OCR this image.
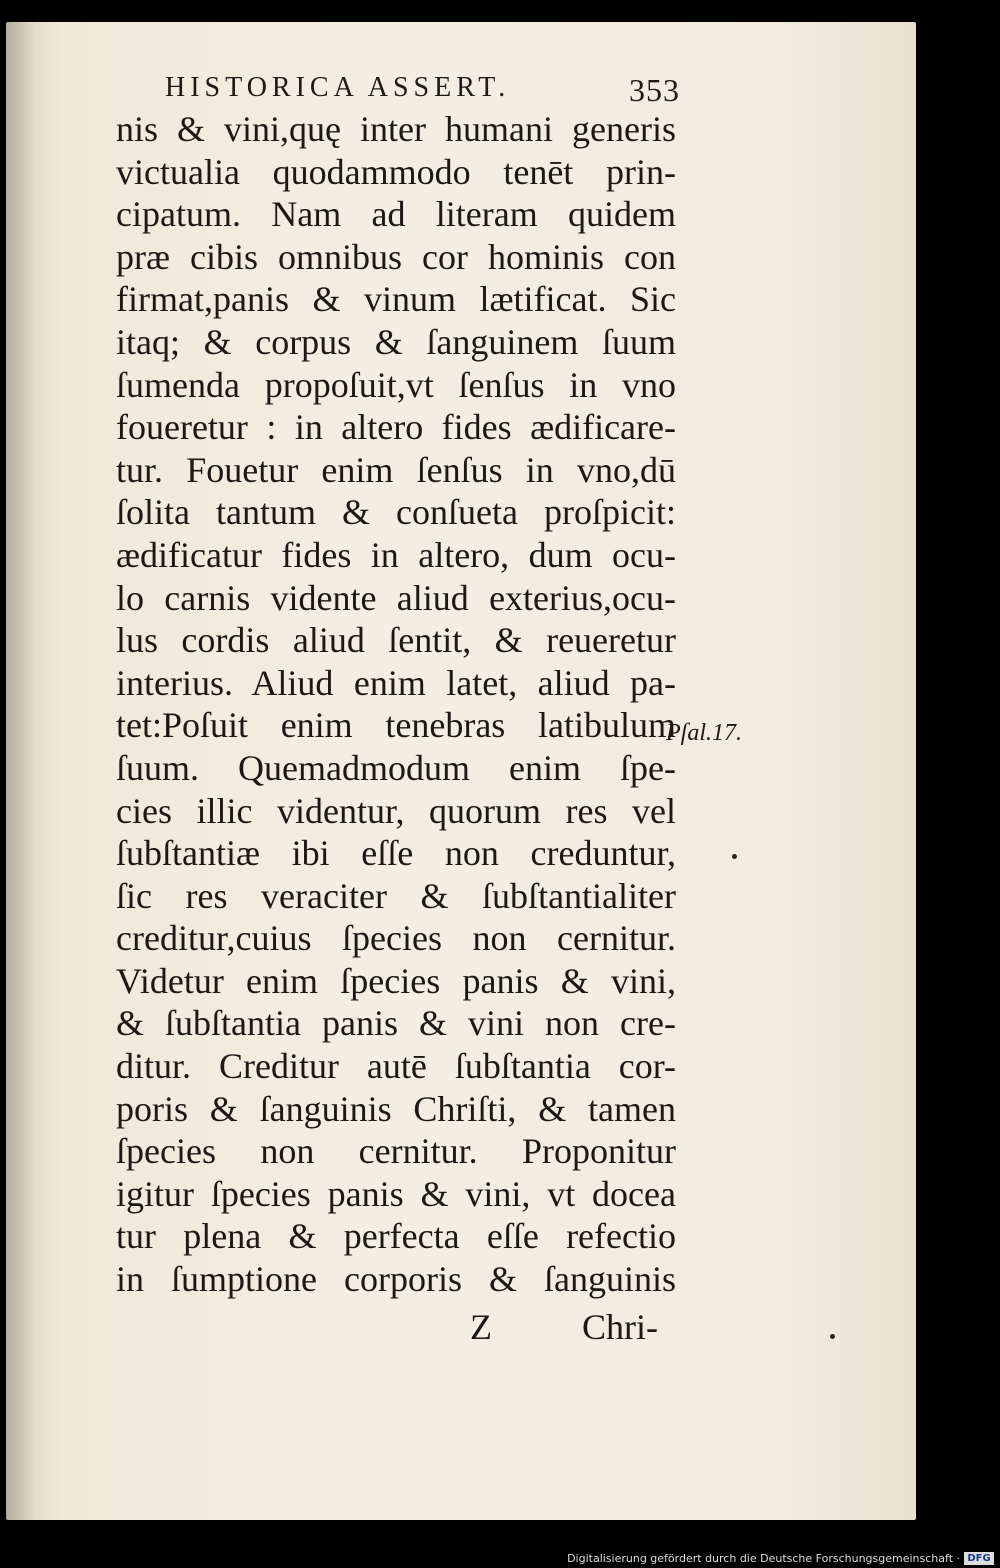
HISTORICA ASSERT.	353
nis & vini,quę inter humani generis
victualia quodammodo tenēt prin-
cipatum. Nam ad literam quidem
præ cibis omnibus cor hominis con
firmat,panis & vinum lætificat. Sic
itaq; & corpus & ſanguinem ſuum
ſumenda propoſuit,vt ſenſus in vno
foueretur : in altero fides ædificare-
tur. Fouetur enim ſenſus in vno,dū
ſolita tantum & conſueta proſpicit:
ædificatur fides in altero, dum ocu-
lo carnis vidente aliud exterius,ocu-
lus cordis aliud ſentit, & reueretur
interius. Aliud enim latet, aliud pa-
tet:Poſuit enim tenebras latibulum
ſuum. Quemadmodum enim ſpe-
cies illic videntur, quorum res vel
ſubſtantiæ ibi eſſe non creduntur,
ſic res veraciter & ſubſtantialiter
creditur,cuius ſpecies non cernitur.
Videtur enim ſpecies panis & vini,
& ſubſtantia panis & vini non cre-
ditur. Creditur autē ſubſtantia cor-
poris & ſanguinis Chriſti, & tamen
ſpecies non cernitur. Proponitur
igitur ſpecies panis & vini, vt docea
tur plena & perfecta eſſe refectio
in ſumptione corporis & ſanguinis
Pſal.17.
Z	Chri-
Digitalisierung gefördert durch die Deutsche Forschungsgemeinschaft · DFG
